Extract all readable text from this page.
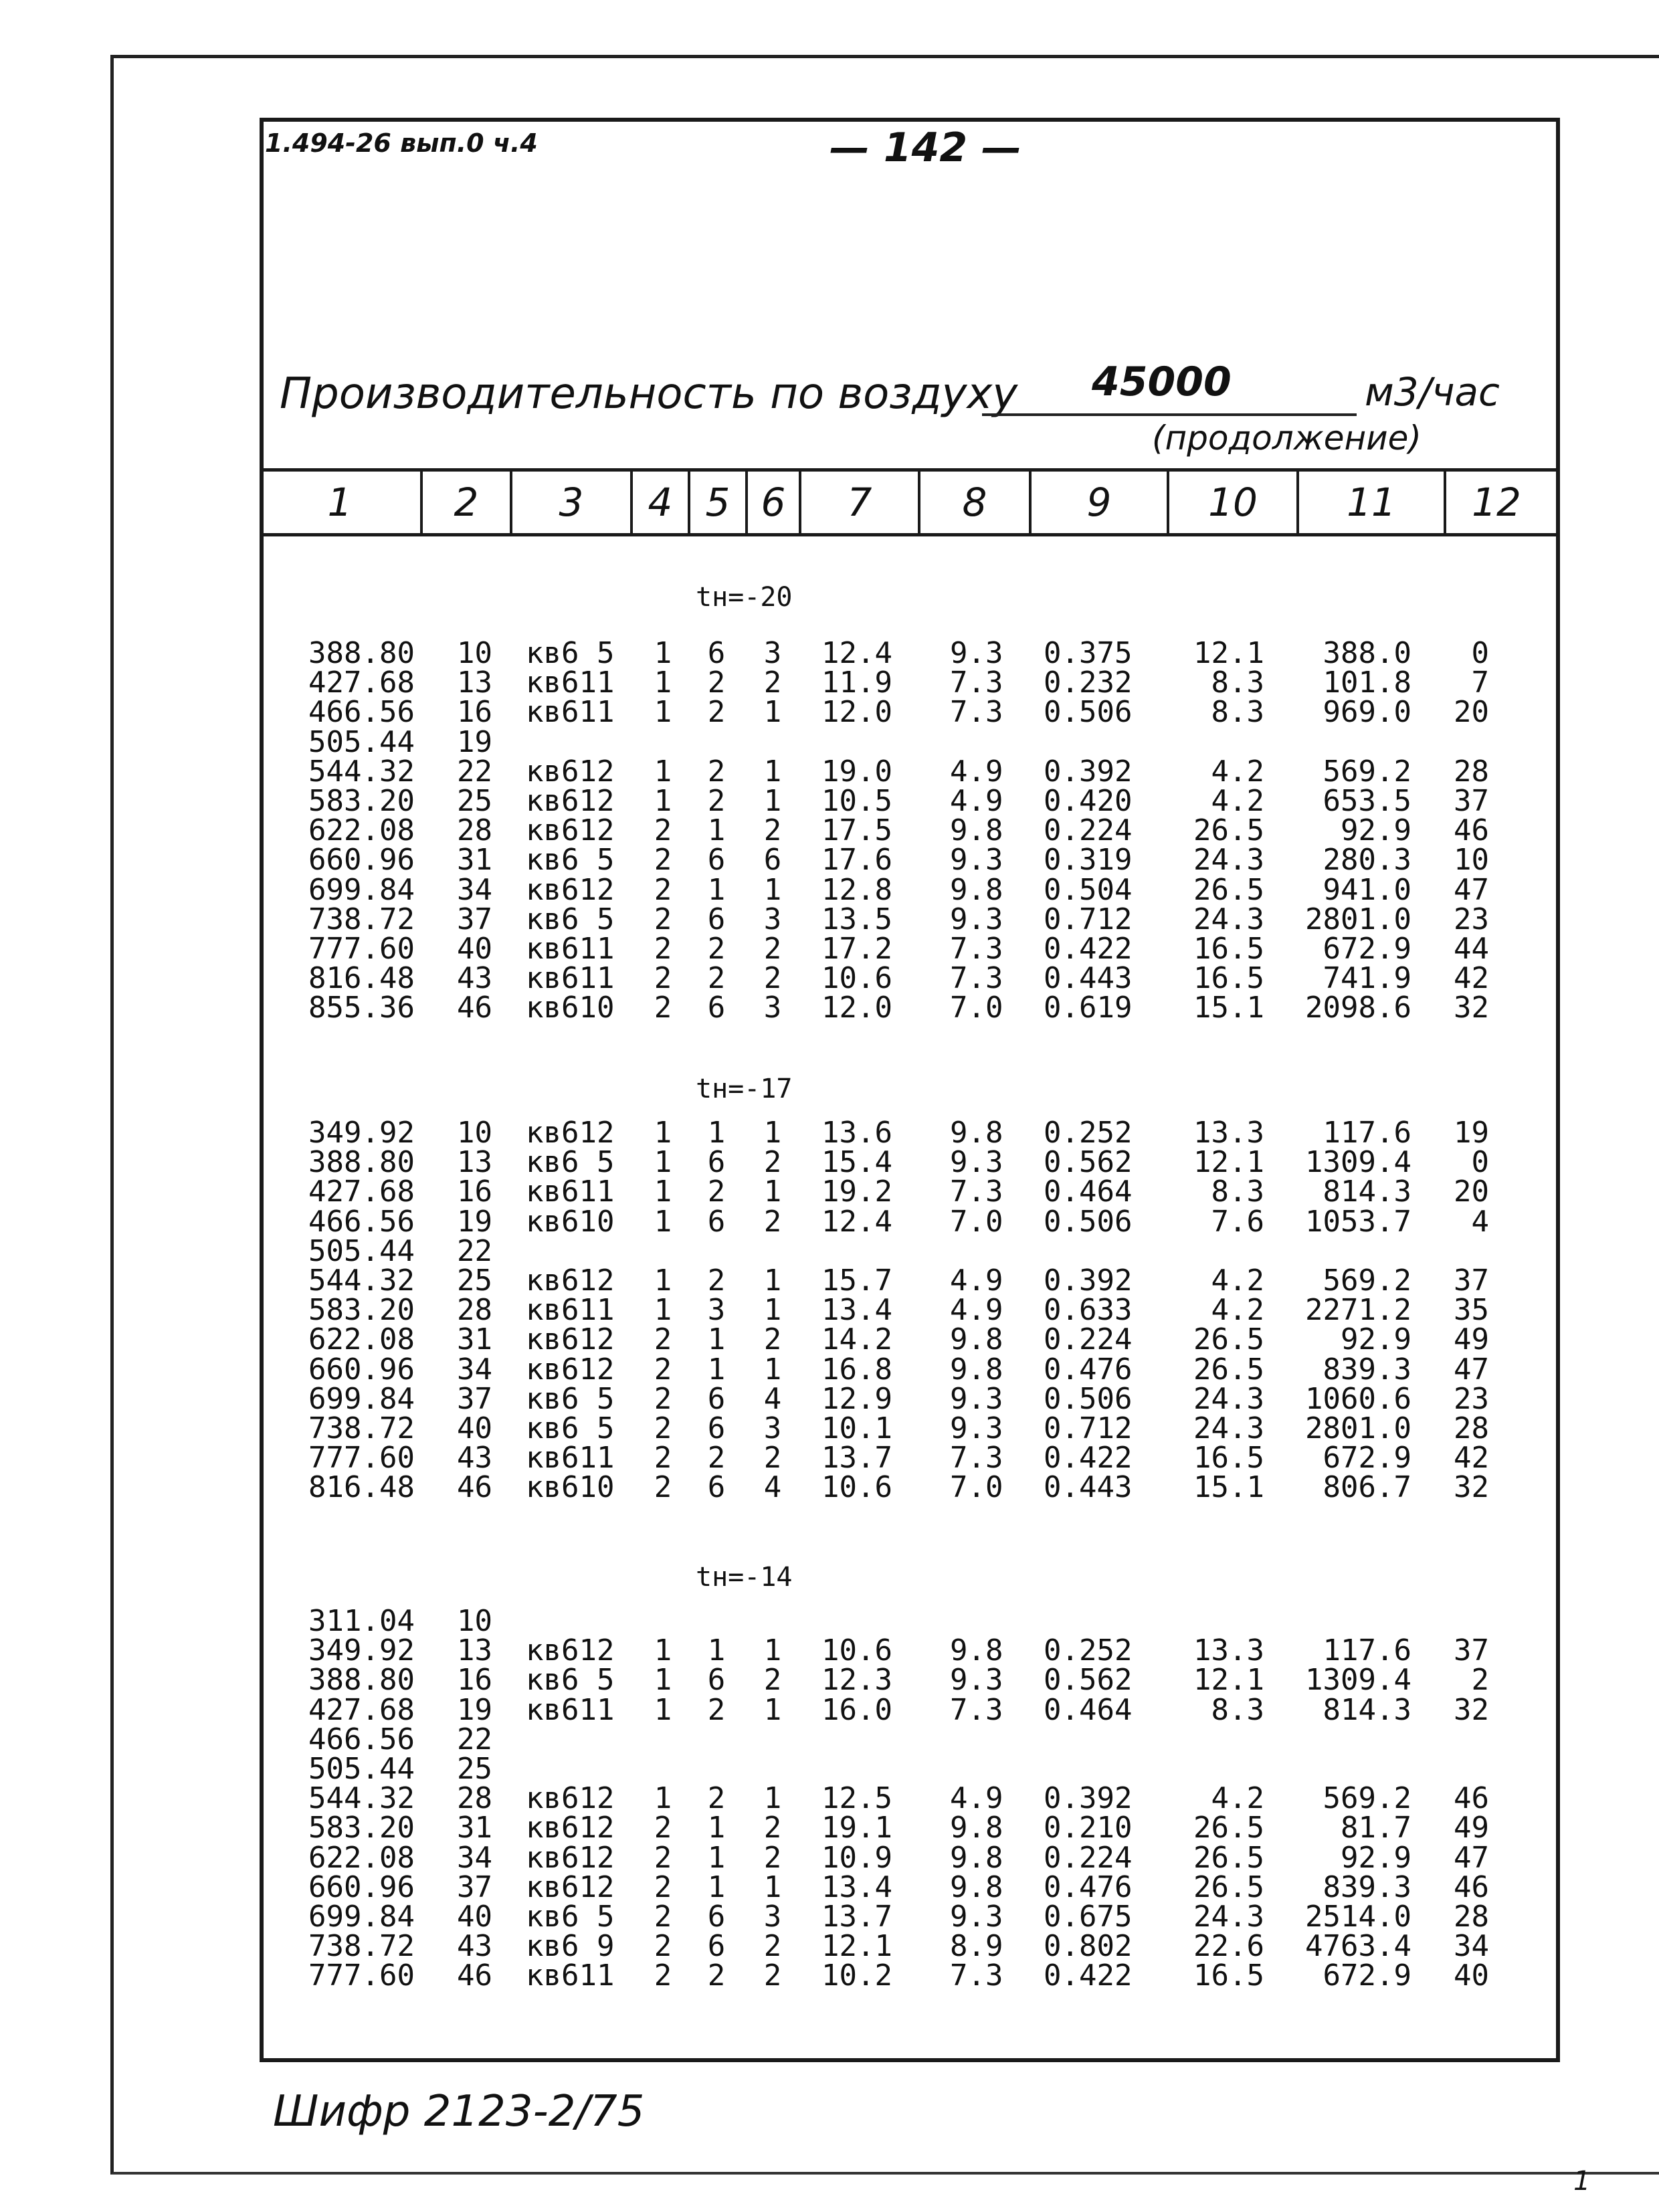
1.494-26 вып.0 ч.4	— 142 —
Производительность по воздуху 45000	м3/час
(продолжение)
1	2	3	4 5 6	7	8	9	10	11	12
tн=-20
388.80 10 кв6 5	1 6 3 12.4 9.3 0.375	12.1	388.0	0
427.68 13 кв611	1 2 2 11.9 7.3 0.232	8.3	101.8	7
466.56 16 кв611	1 2 1 12.0 7.3 0.506	8.3	969.0 20
505.44 19
544.32 22 кв612	1 2 1 19.0 4.9 0.392	4.2	569.2 28
583.20 25 кв612	1 2 1 10.5 4.9 0.420	4.2	653.5 37
622.08 28 кв612	2 1 2 17.5 9.8 0.224	26.5	92.9 46
660.96 31 кв6 5	2 6 6 17.6 9.3 0.319	24.3	280.3 10
699.84 34 кв612	2 1 1 12.8 9.8 0.504	26.5	941.0 47
738.72 37 кв6 5	2 6 3 13.5 9.3 0.712	24.3 2801.0 23
777.60 40 кв611	2 2 2 17.2 7.3 0.422	16.5	672.9 44
816.48 43 кв611	2 2 2 10.6 7.3 0.443	16.5	741.9 42
855.36 46 кв610	2 6 3 12.0 7.0 0.619	15.1 2098.6 32
tн=-17
349.92 10 кв612	1 1 1 13.6 9.8 0.252	13.3	117.6 19
388.80 13 кв6 5	1 6 2 15.4 9.3 0.562	12.1 1309.4	0
427.68 16 кв611	1 2 1 19.2 7.3 0.464	8.3	814.3 20
466.56 19 кв610	1 6 2 12.4 7.0 0.506	7.6 1053.7	4
505.44 22
544.32 25 кв612	1 2 1 15.7 4.9 0.392	4.2	569.2 37
583.20 28 кв611	1 3 1 13.4 4.9 0.633	4.2 2271.2 35
622.08 31 кв612	2 1 2 14.2 9.8 0.224	26.5	92.9 49
660.96 34 кв612	2 1 1 16.8 9.8 0.476	26.5	839.3 47
699.84 37 кв6 5	2 6 4 12.9 9.3 0.506	24.3 1060.6 23
738.72 40 кв6 5	2 6 3 10.1 9.3 0.712	24.3 2801.0 28
777.60 43 кв611	2 2 2 13.7 7.3 0.422	16.5	672.9 42
816.48 46 кв610	2 6 4 10.6 7.0 0.443	15.1	806.7 32
tн=-14
311.04 10
349.92 13 кв612	1 1 1 10.6 9.8 0.252	13.3	117.6 37
388.80 16 кв6 5	1 6 2 12.3 9.3 0.562	12.1 1309.4	2
427.68 19 кв611	1 2 1 16.0 7.3 0.464	8.3	814.3 32
466.56 22
505.44 25
544.32 28 кв612	1 2 1 12.5 4.9 0.392	4.2	569.2 46
583.20 31 кв612	2 1 2 19.1 9.8 0.210	26.5	81.7 49
622.08 34 кв612	2 1 2 10.9 9.8 0.224	26.5	92.9 47
660.96 37 кв612	2 1 1 13.4 9.8 0.476	26.5	839.3 46
699.84 40 кв6 5	2 6 3 13.7 9.3 0.675	24.3 2514.0 28
738.72 43 кв6 9	2 6 2 12.1 8.9 0.802	22.6 4763.4 34
777.60 46 кв611	2 2 2 10.2 7.3 0.422	16.5	672.9 40
Шифр 2123-2/75
1
